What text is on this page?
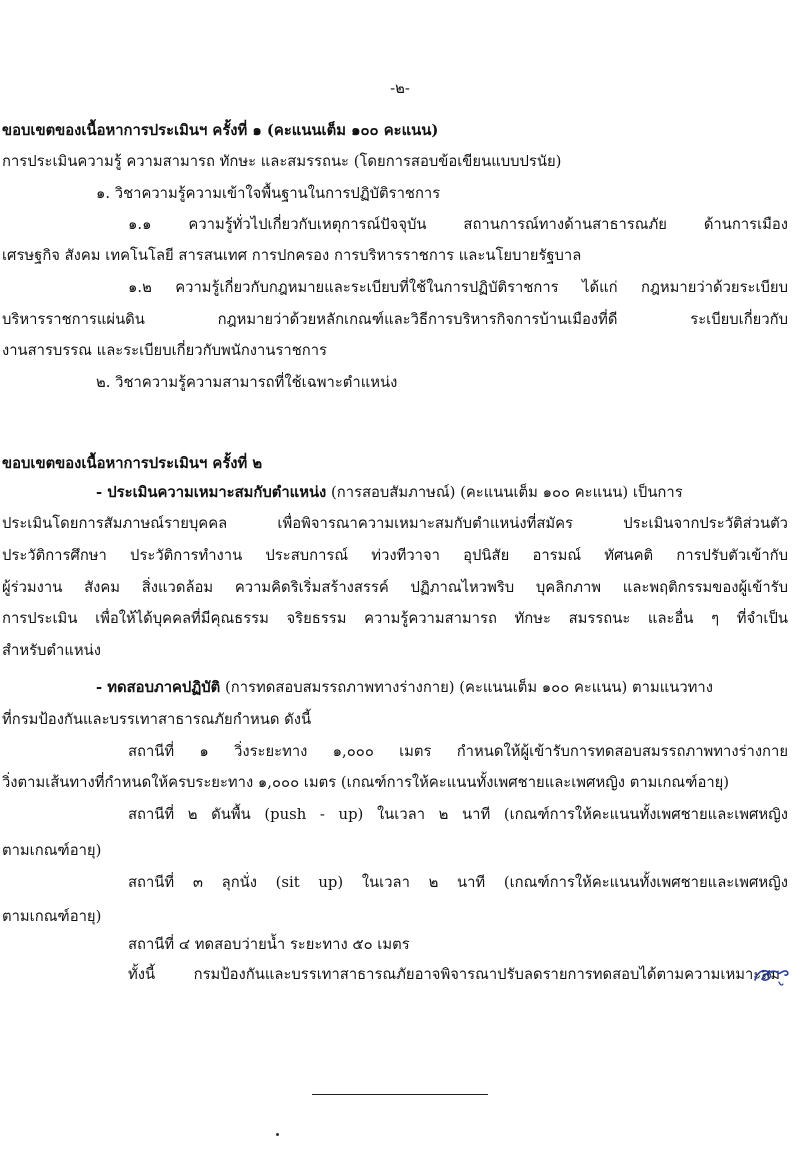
-๒-
ขอบเขตของเนื้อหาการประเมินฯ ครั้งที่ ๑ (คะแนนเต็ม ๑๐๐ คะแนน)
การประเมินความรู้ ความสามารถ ทักษะ และสมรรถนะ (โดยการสอบข้อเขียนแบบปรนัย)
๑. วิชาความรู้ความเข้าใจพื้นฐานในการปฏิบัติราชการ
๑.๑ ความรู้ทั่วไปเกี่ยวกับเหตุการณ์ปัจจุบัน สถานการณ์ทางด้านสาธารณภัย ด้านการเมือง
เศรษฐกิจ สังคม เทคโนโลยี สารสนเทศ การปกครอง การบริหารราชการ และนโยบายรัฐบาล
๑.๒ ความรู้เกี่ยวกับกฎหมายและระเบียบที่ใช้ในการปฏิบัติราชการ ได้แก่ กฎหมายว่าด้วยระเบียบ
บริหารราชการแผ่นดิน กฎหมายว่าด้วยหลักเกณฑ์และวิธีการบริหารกิจการบ้านเมืองที่ดี ระเบียบเกี่ยวกับ
งานสารบรรณ และระเบียบเกี่ยวกับพนักงานราชการ
๒. วิชาความรู้ความสามารถที่ใช้เฉพาะตำแหน่ง
ขอบเขตของเนื้อหาการประเมินฯ ครั้งที่ ๒
- ประเมินความเหมาะสมกับตำแหน่ง (การสอบสัมภาษณ์) (คะแนนเต็ม ๑๐๐ คะแนน) เป็นการ
ประเมินโดยการสัมภาษณ์รายบุคคล เพื่อพิจารณาความเหมาะสมกับตำแหน่งที่สมัคร ประเมินจากประวัติส่วนตัว
ประวัติการศึกษา ประวัติการทำงาน ประสบการณ์ ท่วงทีวาจา อุปนิสัย อารมณ์ ทัศนคติ การปรับตัวเข้ากับ
ผู้ร่วมงาน สังคม สิ่งแวดล้อม ความคิดริเริ่มสร้างสรรค์ ปฏิภาณไหวพริบ บุคลิกภาพ และพฤติกรรมของผู้เข้ารับ
การประเมิน เพื่อให้ได้บุคคลที่มีคุณธรรม จริยธรรม ความรู้ความสามารถ ทักษะ สมรรถนะ และอื่น ๆ ที่จำเป็น
สำหรับตำแหน่ง
- ทดสอบภาคปฏิบัติ (การทดสอบสมรรถภาพทางร่างกาย) (คะแนนเต็ม ๑๐๐ คะแนน) ตามแนวทาง
ที่กรมป้องกันและบรรเทาสาธารณภัยกำหนด ดังนี้
สถานีที่ ๑ วิ่งระยะทาง ๑,๐๐๐ เมตร กำหนดให้ผู้เข้ารับการทดสอบสมรรถภาพทางร่างกาย
วิ่งตามเส้นทางที่กำหนดให้ครบระยะทาง ๑,๐๐๐ เมตร (เกณฑ์การให้คะแนนทั้งเพศชายและเพศหญิง ตามเกณฑ์อายุ)
สถานีที่ ๒ ดันพื้น (push - up) ในเวลา ๒ นาที (เกณฑ์การให้คะแนนทั้งเพศชายและเพศหญิง
ตามเกณฑ์อายุ)
สถานีที่ ๓ ลุกนั่ง (sit up) ในเวลา ๒ นาที (เกณฑ์การให้คะแนนทั้งเพศชายและเพศหญิง
ตามเกณฑ์อายุ)
สถานีที่ ๔ ทดสอบว่ายน้ำ ระยะทาง ๕๐ เมตร
ทั้งนี้ กรมป้องกันและบรรเทาสาธารณภัยอาจพิจารณาปรับลดรายการทดสอบได้ตามความเหมาะสม
